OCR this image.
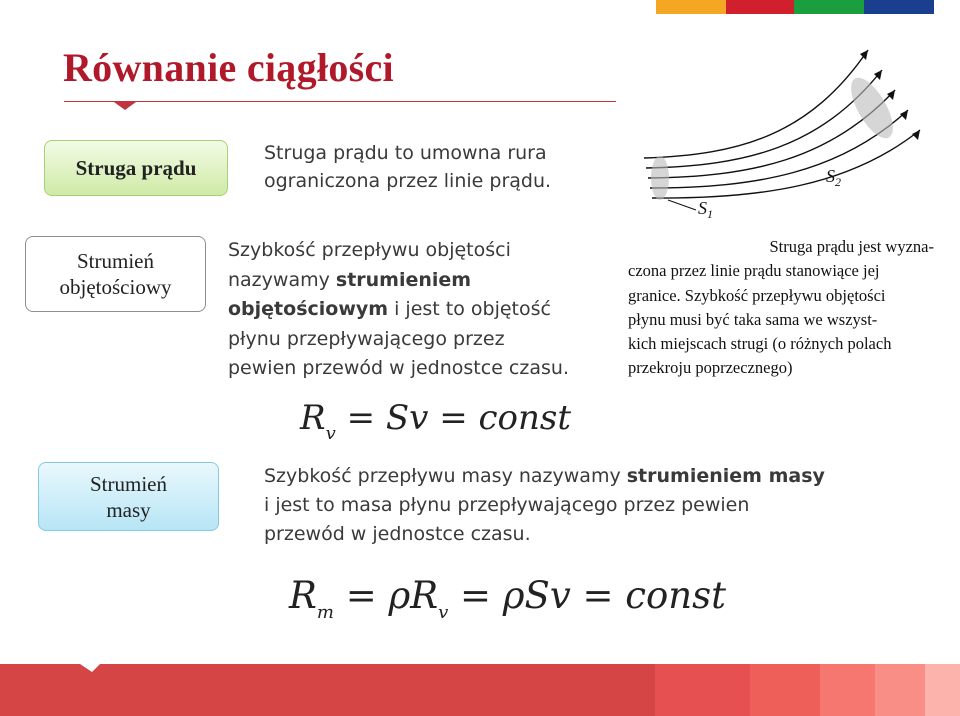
Równanie ciągłości
Struga prądu
Strumień
objętościowy
Strumień
masy
Struga prądu to umowna rura
ograniczona przez linie prądu.
Szybkość przepływu objętości
nazywamy strumieniem
objętościowym i jest to objętość
płynu przepływającego przez
pewien przewód w jednostce czasu.
$R_v = Sv$ = const
Szybkość przepływu masy nazywamy strumieniem masy
i jest to masa płynu przepływającego przez pewien
przewód w jednostce czasu.
$R_m = \rho R_v = \rho Sv$ = const
$S_1$
$S_2$
Struga prądu jest wyzna-
czona przez linie prądu stanowiące jej
granice. Szybkość przepływu objętości
płynu musi być taka sama we wszyst-
kich miejscach strugi (o różnych polach
przekroju poprzecznego)
